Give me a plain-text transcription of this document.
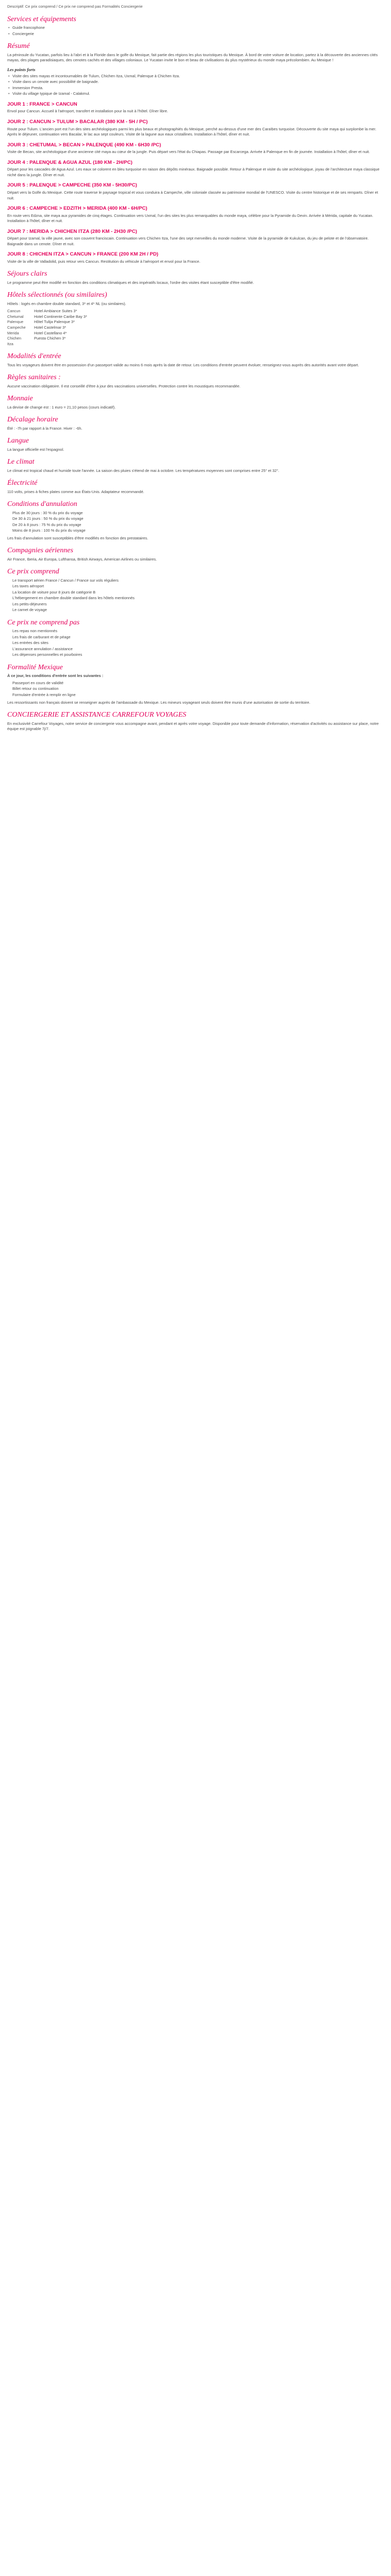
Descriptif: Ce prix comprend / Ce prix ne comprend pas Formalités Conciergerie
Services et équipements
• Guide francophone
• Conciergerie
Résumé

La péninsule du Yucatan, parfois lieu à l'abri et à la Floride dans le golfe du Mexique, fait partie des régions les plus touristiques du Mexique. À bord de votre voiture de location, partez à la découverte des anciennes cités mayas, des plages paradisiaques, des cenotes cachés et des villages coloniaux. Le Yucatan invite le bon et beau de civilisations du plus mystérieux du monde maya précolombien. Au Mexique !

Les points forts
• Visite des sites mayas et incontournables de Tulum, Chichen Itza, Uxmal, Palenque à Chichen Itza.
• Visite dans un cenote avec possibilité de baignade.
• Immersion Presta.
• Visite du village typique de Izamal - Calakmul.
JOUR 1 : FRANCE > CANCUN

Envol pour Cancun. Accueil à l'aéroport, transfert et installation pour la nuit à l'hôtel. Dîner libre.

JOUR 2 : CANCUN > TULUM > BACALAR (380 KM - 5H / PC)

Route pour Tulum. L'ancien port est l'un des sites archéologiques parmi les plus beaux et photographiés du Mexique, perché au-dessus d'une mer des Caraïbes turquoise. Découverte du site maya qui surplombe la mer. Après le déjeuner, continuation vers Bacalar, le lac aux sept couleurs. Visite de la lagune aux eaux cristallines. Installation à l'hôtel, dîner et nuit.

JOUR 3 : CHETUMAL > BECAN > PALENQUE (490 KM - 6H30 /PC)

Visite de Becan, site archéologique d'une ancienne cité maya au cœur de la jungle. Puis départ vers l'état du Chiapas. Passage par Escarcega. Arrivée à Palenque en fin de journée. Installation à l'hôtel, dîner et nuit.

JOUR 4 : PALENQUE & AGUA AZUL (180 KM - 2H/PC)

Départ pour les cascades de Agua Azul. Les eaux se colorent en bleu turquoise en raison des dépôts minéraux. Baignade possible. Retour à Palenque et visite du site archéologique, joyau de l'architecture maya classique niché dans la jungle. Dîner et nuit.

JOUR 5 : PALENQUE > CAMPECHE (350 KM - 5H30/PC)

Départ vers la Golfe du Mexique. Cette route traverse le paysage tropical et vous conduira à Campeche, ville coloniale classée au patrimoine mondial de l'UNESCO. Visite du centre historique et de ses remparts. Dîner et nuit.

JOUR 6 : CAMPECHE > EDZITH > MERIDA (400 KM - 6H/PC)

En route vers Edzna, site maya aux pyramides de cinq étages. Continuation vers Uxmal, l'un des sites les plus remarquables du monde maya, célèbre pour la Pyramide du Devin. Arrivée à Mérida, capitale du Yucatan. Installation à l'hôtel, dîner et nuit.

JOUR 7 : MERIDA > CHICHEN ITZA (280 KM - 2H30 /PC)

Départ pour Izamal, la ville jaune, avec son couvent franciscain. Continuation vers Chichen Itza, l'une des sept merveilles du monde moderne. Visite de la pyramide de Kukulcan, du jeu de pelote et de l'observatoire. Baignade dans un cenote. Dîner et nuit.

JOUR 8 : CHICHEN ITZA > CANCUN > FRANCE (200 KM 2H / PD)

Visite de la ville de Valladolid, puis retour vers Cancun. Restitution du véhicule à l'aéroport et envol pour la France.

Séjours clairs

Le programme peut être modifié en fonction des conditions climatiques et des impératifs locaux, l'ordre des visites étant susceptible d'être modifié.

Hôtels sélectionnés (ou similaires)

Hôtels : logés en chambre double standard, 3* et 4* NL (ou similaires).

Cancun	Hotel Ambiance Suites 3*
Chetumal	Hotel Continente Caribe Bay 3*
Palenque	Hôtel Tulija Palenque 3*
Campeche	Hotel Castelmar 3*
Merida	Hotel Castellano 4*
Chichen Itza	Puesta Chichen 3*
Modalités d'entrée

Tous les voyageurs doivent être en possession d'un passeport valide au moins 6 mois après la date de retour. Les conditions d'entrée peuvent évoluer, renseignez-vous auprès des autorités avant votre départ.

Règles sanitaires :

Aucune vaccination obligatoire. Il est conseillé d'être à jour des vaccinations universelles. Protection contre les moustiques recommandée.

Monnaie

La devise de change est : 1 euro = 21,10 pesos (cours indicatif).

Décalage horaire

Été : -7h par rapport à la France. Hiver : -6h.

Langue

La langue officielle est l'espagnol.

Le climat

Le climat est tropical chaud et humide toute l'année. La saison des pluies s'étend de mai à octobre. Les températures moyennes sont comprises entre 25° et 32°.

Électricité

110 volts, prises à fiches plates comme aux États-Unis. Adaptateur recommandé.

Conditions d'annulation
Plus de 30 jours : 30 % du prix du voyage
De 30 à 21 jours : 50 % du prix du voyage
De 20 à 8 jours : 75 % du prix du voyage
Moins de 8 jours : 100 % du prix du voyage

Les frais d'annulation sont susceptibles d'être modifiés en fonction des prestataires.

Compagnies aériennes

Air France, Iberia, Air Europa, Lufthansa, British Airways, American Airlines ou similaires.

Ce prix comprend
Le transport aérien France / Cancun / France sur vols réguliers
Les taxes aéroport
La location de voiture pour 8 jours de catégorie B
L'hébergement en chambre double standard dans les hôtels mentionnés
Les petits-déjeuners
Le carnet de voyage
Ce prix ne comprend pas
Les repas non mentionnés
Les frais de carburant et de péage
Les entrées des sites
L'assurance annulation / assistance
Les dépenses personnelles et pourboires
Formalité Mexique

À ce jour, les conditions d'entrée sont les suivantes :

Passeport en cours de validité
Billet retour ou continuation
Formulaire d'entrée à remplir en ligne

Les ressortissants non français doivent se renseigner auprès de l'ambassade du Mexique. Les mineurs voyageant seuls doivent être munis d'une autorisation de sortie du territoire.

CONCIERGERIE ET ASSISTANCE CARREFOUR VOYAGES

En exclusivité Carrefour Voyages, notre service de conciergerie vous accompagne avant, pendant et après votre voyage. Disponible pour toute demande d'information, réservation d'activités ou assistance sur place, notre équipe est joignable 7j/7.
